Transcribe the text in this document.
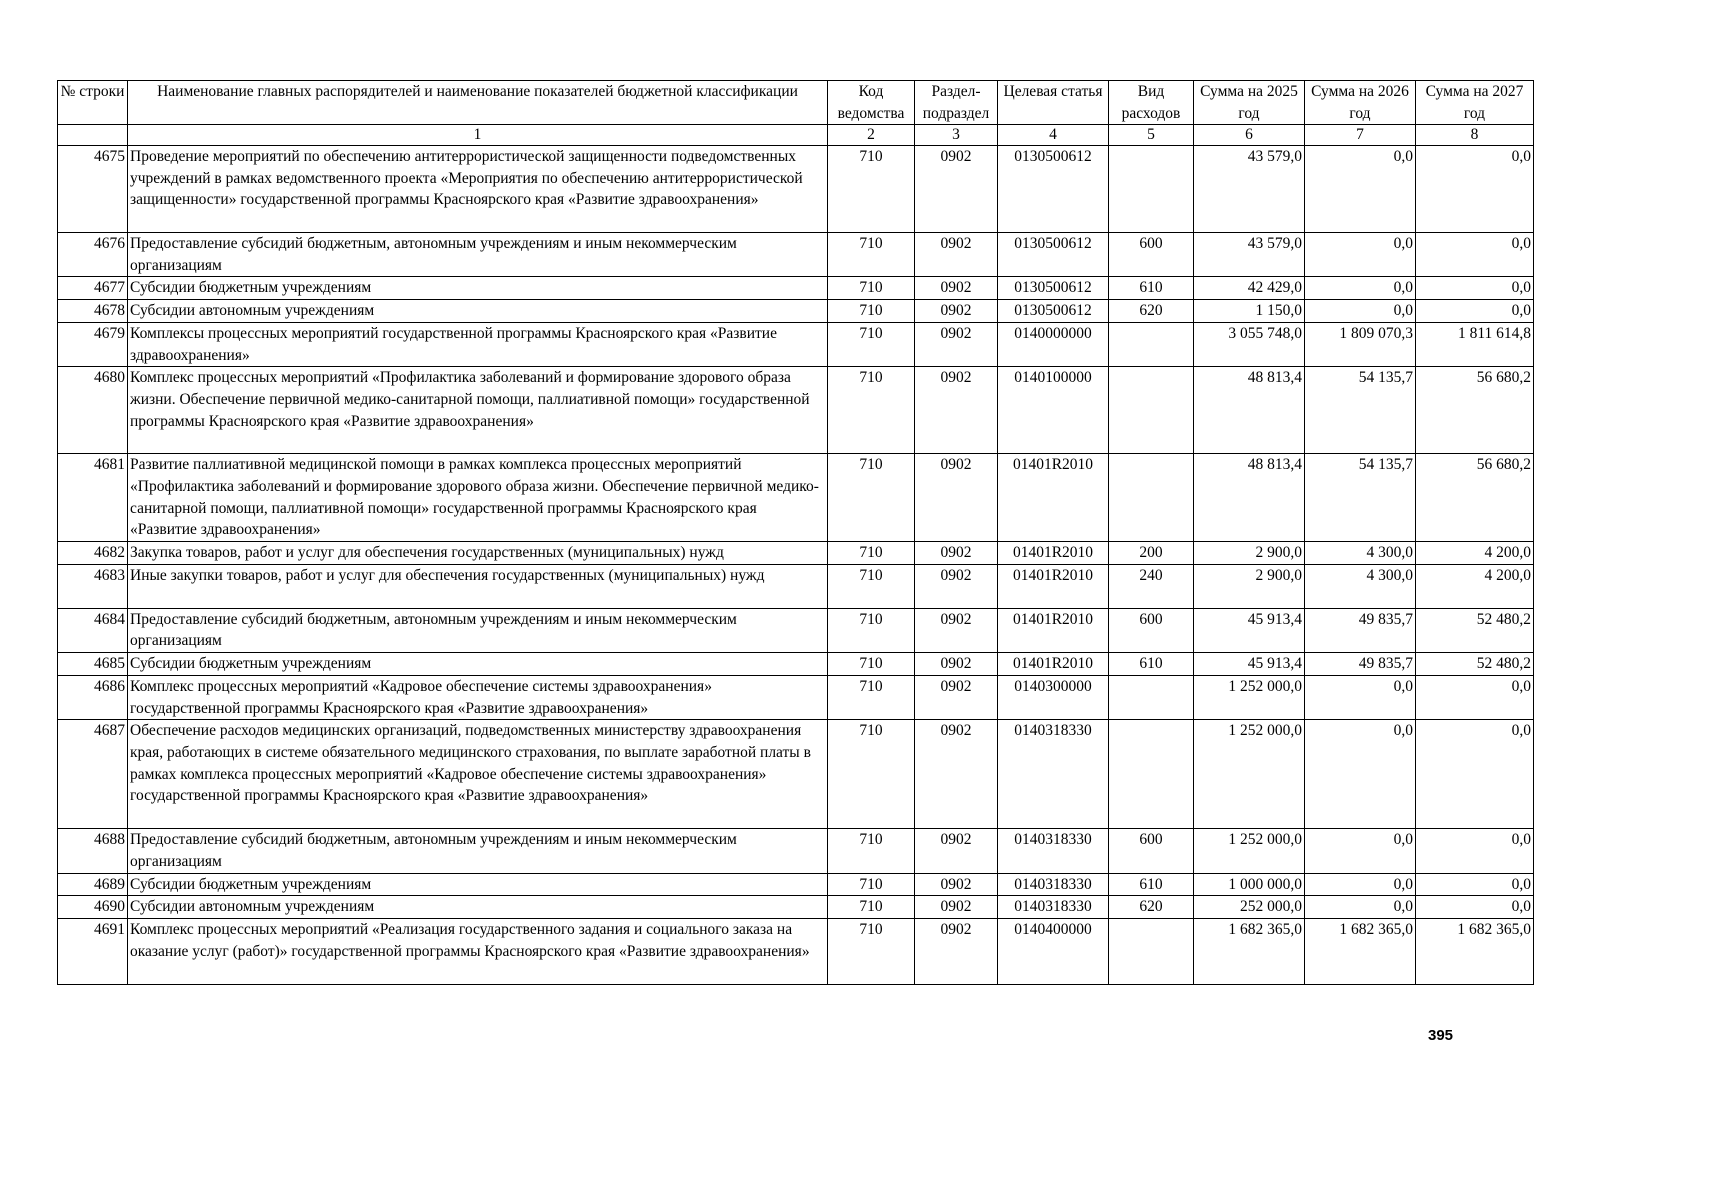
№ строки	Наименование главных распорядителей и наименование показателей бюджетной классификации	Код ведомства	Раздел-подраздел	Целевая статья	Вид расходов	Сумма на 2025 год	Сумма на 2026 год	Сумма на 2027 год
	1	2	3	4	5	6	7	8
4675	Проведение мероприятий по обеспечению антитеррористической защищенности подведомственных учреждений в рамках ведомственного проекта «Мероприятия по обеспечению антитеррористической защищенности» государственной программы Красноярского края «Развитие здравоохранения»	710	0902	0130500612		43 579,0	0,0	0,0
4676	Предоставление субсидий бюджетным, автономным учреждениям и иным некоммерческим организациям	710	0902	0130500612	600	43 579,0	0,0	0,0
4677	Субсидии бюджетным учреждениям	710	0902	0130500612	610	42 429,0	0,0	0,0
4678	Субсидии автономным учреждениям	710	0902	0130500612	620	1 150,0	0,0	0,0
4679	Комплексы процессных мероприятий государственной программы Красноярского края «Развитие здравоохранения»	710	0902	0140000000		3 055 748,0	1 809 070,3	1 811 614,8
4680	Комплекс процессных мероприятий «Профилактика заболеваний и формирование здорового образа жизни. Обеспечение первичной медико-санитарной помощи, паллиативной помощи» государственной программы Красноярского края «Развитие здравоохранения»	710	0902	0140100000		48 813,4	54 135,7	56 680,2
4681	Развитие паллиативной медицинской помощи в рамках комплекса процессных мероприятий «Профилактика заболеваний и формирование здорового образа жизни. Обеспечение первичной медико-санитарной помощи, паллиативной помощи» государственной программы Красноярского края «Развитие здравоохранения»	710	0902	01401R2010		48 813,4	54 135,7	56 680,2
4682	Закупка товаров, работ и услуг для обеспечения государственных (муниципальных) нужд	710	0902	01401R2010	200	2 900,0	4 300,0	4 200,0
4683	Иные закупки товаров, работ и услуг для обеспечения государственных (муниципальных) нужд	710	0902	01401R2010	240	2 900,0	4 300,0	4 200,0
4684	Предоставление субсидий бюджетным, автономным учреждениям и иным некоммерческим организациям	710	0902	01401R2010	600	45 913,4	49 835,7	52 480,2
4685	Субсидии бюджетным учреждениям	710	0902	01401R2010	610	45 913,4	49 835,7	52 480,2
4686	Комплекс процессных мероприятий «Кадровое обеспечение системы здравоохранения» государственной программы Красноярского края «Развитие здравоохранения»	710	0902	0140300000		1 252 000,0	0,0	0,0
4687	Обеспечение расходов медицинских организаций, подведомственных министерству здравоохранения края, работающих в системе обязательного медицинского страхования, по выплате заработной платы в рамках комплекса процессных мероприятий «Кадровое обеспечение системы здравоохранения» государственной программы Красноярского края «Развитие здравоохранения»	710	0902	0140318330		1 252 000,0	0,0	0,0
4688	Предоставление субсидий бюджетным, автономным учреждениям и иным некоммерческим организациям	710	0902	0140318330	600	1 252 000,0	0,0	0,0
4689	Субсидии бюджетным учреждениям	710	0902	0140318330	610	1 000 000,0	0,0	0,0
4690	Субсидии автономным учреждениям	710	0902	0140318330	620	252 000,0	0,0	0,0
4691	Комплекс процессных мероприятий «Реализация государственного задания и социального заказа на оказание услуг (работ)» государственной программы Красноярского края «Развитие здравоохранения»	710	0902	0140400000		1 682 365,0	1 682 365,0	1 682 365,0
395
